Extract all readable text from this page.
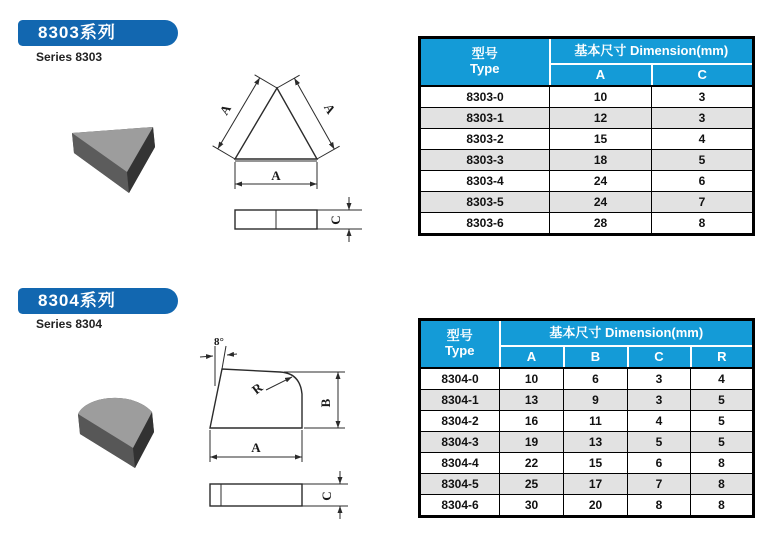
8303系列
Series 8303
A	A
A
C
型号
Type	基本尺寸 Dimension(mm)	
	A	C
8303-0	10	3
8303-1	12	3
8303-2	15	4
8303-3	18	5
8303-4	24	6
8303-5	24	7
8303-6	28	8
8304系列
Series 8304
8°
R
B
A
C
型号
Type	基本尺寸 Dimension(mm)			
	A	B	C	R
8304-0	10	6	3	4
8304-1	13	9	3	5
8304-2	16	11	4	5
8304-3	19	13	5	5
8304-4	22	15	6	8
8304-5	25	17	7	8
8304-6	30	20	8	8
